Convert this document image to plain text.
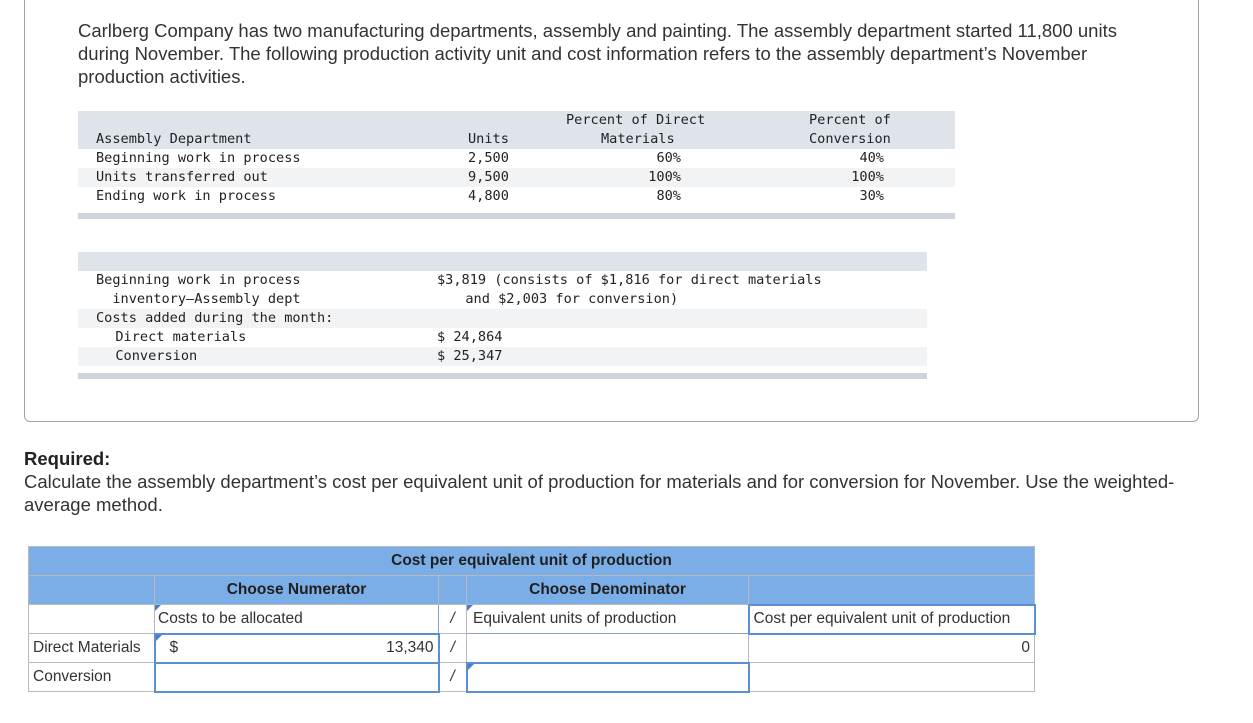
Carlberg Company has two manufacturing departments, assembly and painting. The assembly department started 11,800 units during November. The following production activity unit and cost information refers to the assembly department’s November production activities.
Percent of Direct	Percent of
Assembly Department	Units	Materials	Conversion
Beginning work in process	2,500	60%	40%
Units transferred out	9,500	100%	100%
Ending work in process	4,800	80%	30%
Beginning work in process	$3,819 (consists of $1,816 for direct materials
inventory—Assembly dept	and $2,003 for conversion)
Costs added during the month:
Direct materials	$ 24,864
Conversion	$ 25,347
Required:
Calculate the assembly department’s cost per equivalent unit of production for materials and for conversion for November. Use the weighted-average method.
Cost per equivalent unit of production				
	Choose Numerator		Choose Denominator	
	Costs to be allocated	/	Equivalent units of production	Cost per equivalent unit of production
Direct Materials	$ 13,340	/		0
Conversion		/		
